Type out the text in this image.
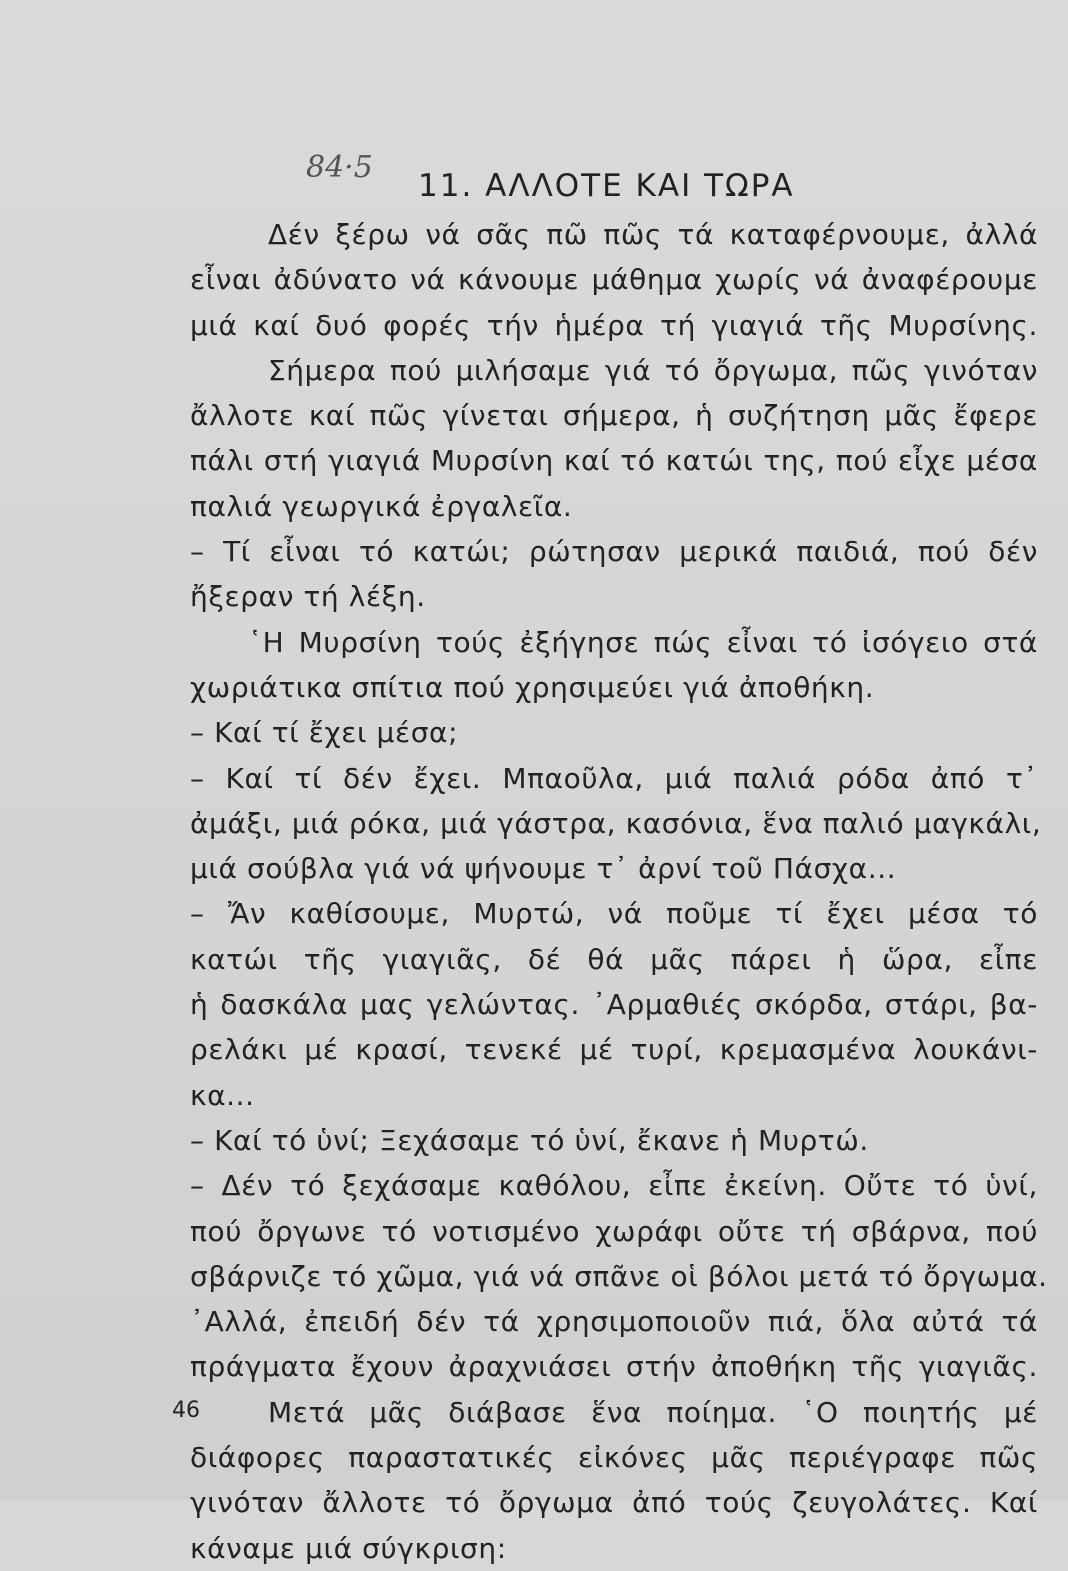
84·5
11. ΑΛΛΟΤΕ ΚΑΙ ΤΩΡΑ
Δέν ξέρω νά σᾶς πῶ πῶς τά καταφέρνουμε, ἀλλά
εἶναι ἀδύνατο νά κάνουμε μάθημα χωρίς νά ἀναφέρουμε
μιά καί δυό φορές τήν ἡμέρα τή γιαγιά τῆς Μυρσίνης.
Σήμερα πού μιλήσαμε γιά τό ὄργωμα, πῶς γινόταν
ἄλλοτε καί πῶς γίνεται σήμερα, ἡ συζήτηση μᾶς ἔφερε
πάλι στή γιαγιά Μυρσίνη καί τό κατώι της, πού εἶχε μέσα
παλιά γεωργικά ἐργαλεῖα.
– Τί εἶναι τό κατώι; ρώτησαν μερικά παιδιά, πού δέν
ἤξεραν τή λέξη.
῾Η Μυρσίνη τούς ἐξήγησε πώς εἶναι τό ἰσόγειο στά
χωριάτικα σπίτια πού χρησιμεύει γιά ἀποθήκη.
– Καί τί ἔχει μέσα;
– Καί τί δέν ἔχει. Μπαοῦλα, μιά παλιά ρόδα ἀπό τ᾽
ἀμάξι, μιά ρόκα, μιά γάστρα, κασόνια, ἕνα παλιό μαγκάλι,
μιά σούβλα γιά νά ψήνουμε τ᾽ ἀρνί τοῦ Πάσχα...
– Ἄν καθίσουμε, Μυρτώ, νά ποῦμε τί ἔχει μέσα τό
κατώι τῆς γιαγιᾶς, δέ θά μᾶς πάρει ἡ ὥρα, εἶπε
ἡ δασκάλα μας γελώντας. ᾽Αρμαθιές σκόρδα, στάρι, βα-
ρελάκι μέ κρασί, τενεκέ μέ τυρί, κρεμασμένα λουκάνι-
κα...
– Καί τό ὑνί; Ξεχάσαμε τό ὑνί, ἔκανε ἡ Μυρτώ.
– Δέν τό ξεχάσαμε καθόλου, εἶπε ἐκείνη. Οὔτε τό ὑνί,
πού ὄργωνε τό νοτισμένο χωράφι οὔτε τή σβάρνα, πού
σβάρνιζε τό χῶμα, γιά νά σπᾶνε οἱ βόλοι μετά τό ὄργωμα.
᾽Αλλά, ἐπειδή δέν τά χρησιμοποιοῦν πιά, ὅλα αὐτά τά
πράγματα ἔχουν ἀραχνιάσει στήν ἀποθήκη τῆς γιαγιᾶς.
Μετά μᾶς διάβασε ἕνα ποίημα. ῾Ο ποιητής μέ
διάφορες παραστατικές εἰκόνες μᾶς περιέγραφε πῶς
γινόταν ἄλλοτε τό ὄργωμα ἀπό τούς ζευγολάτες. Καί
κάναμε μιά σύγκριση:
46
